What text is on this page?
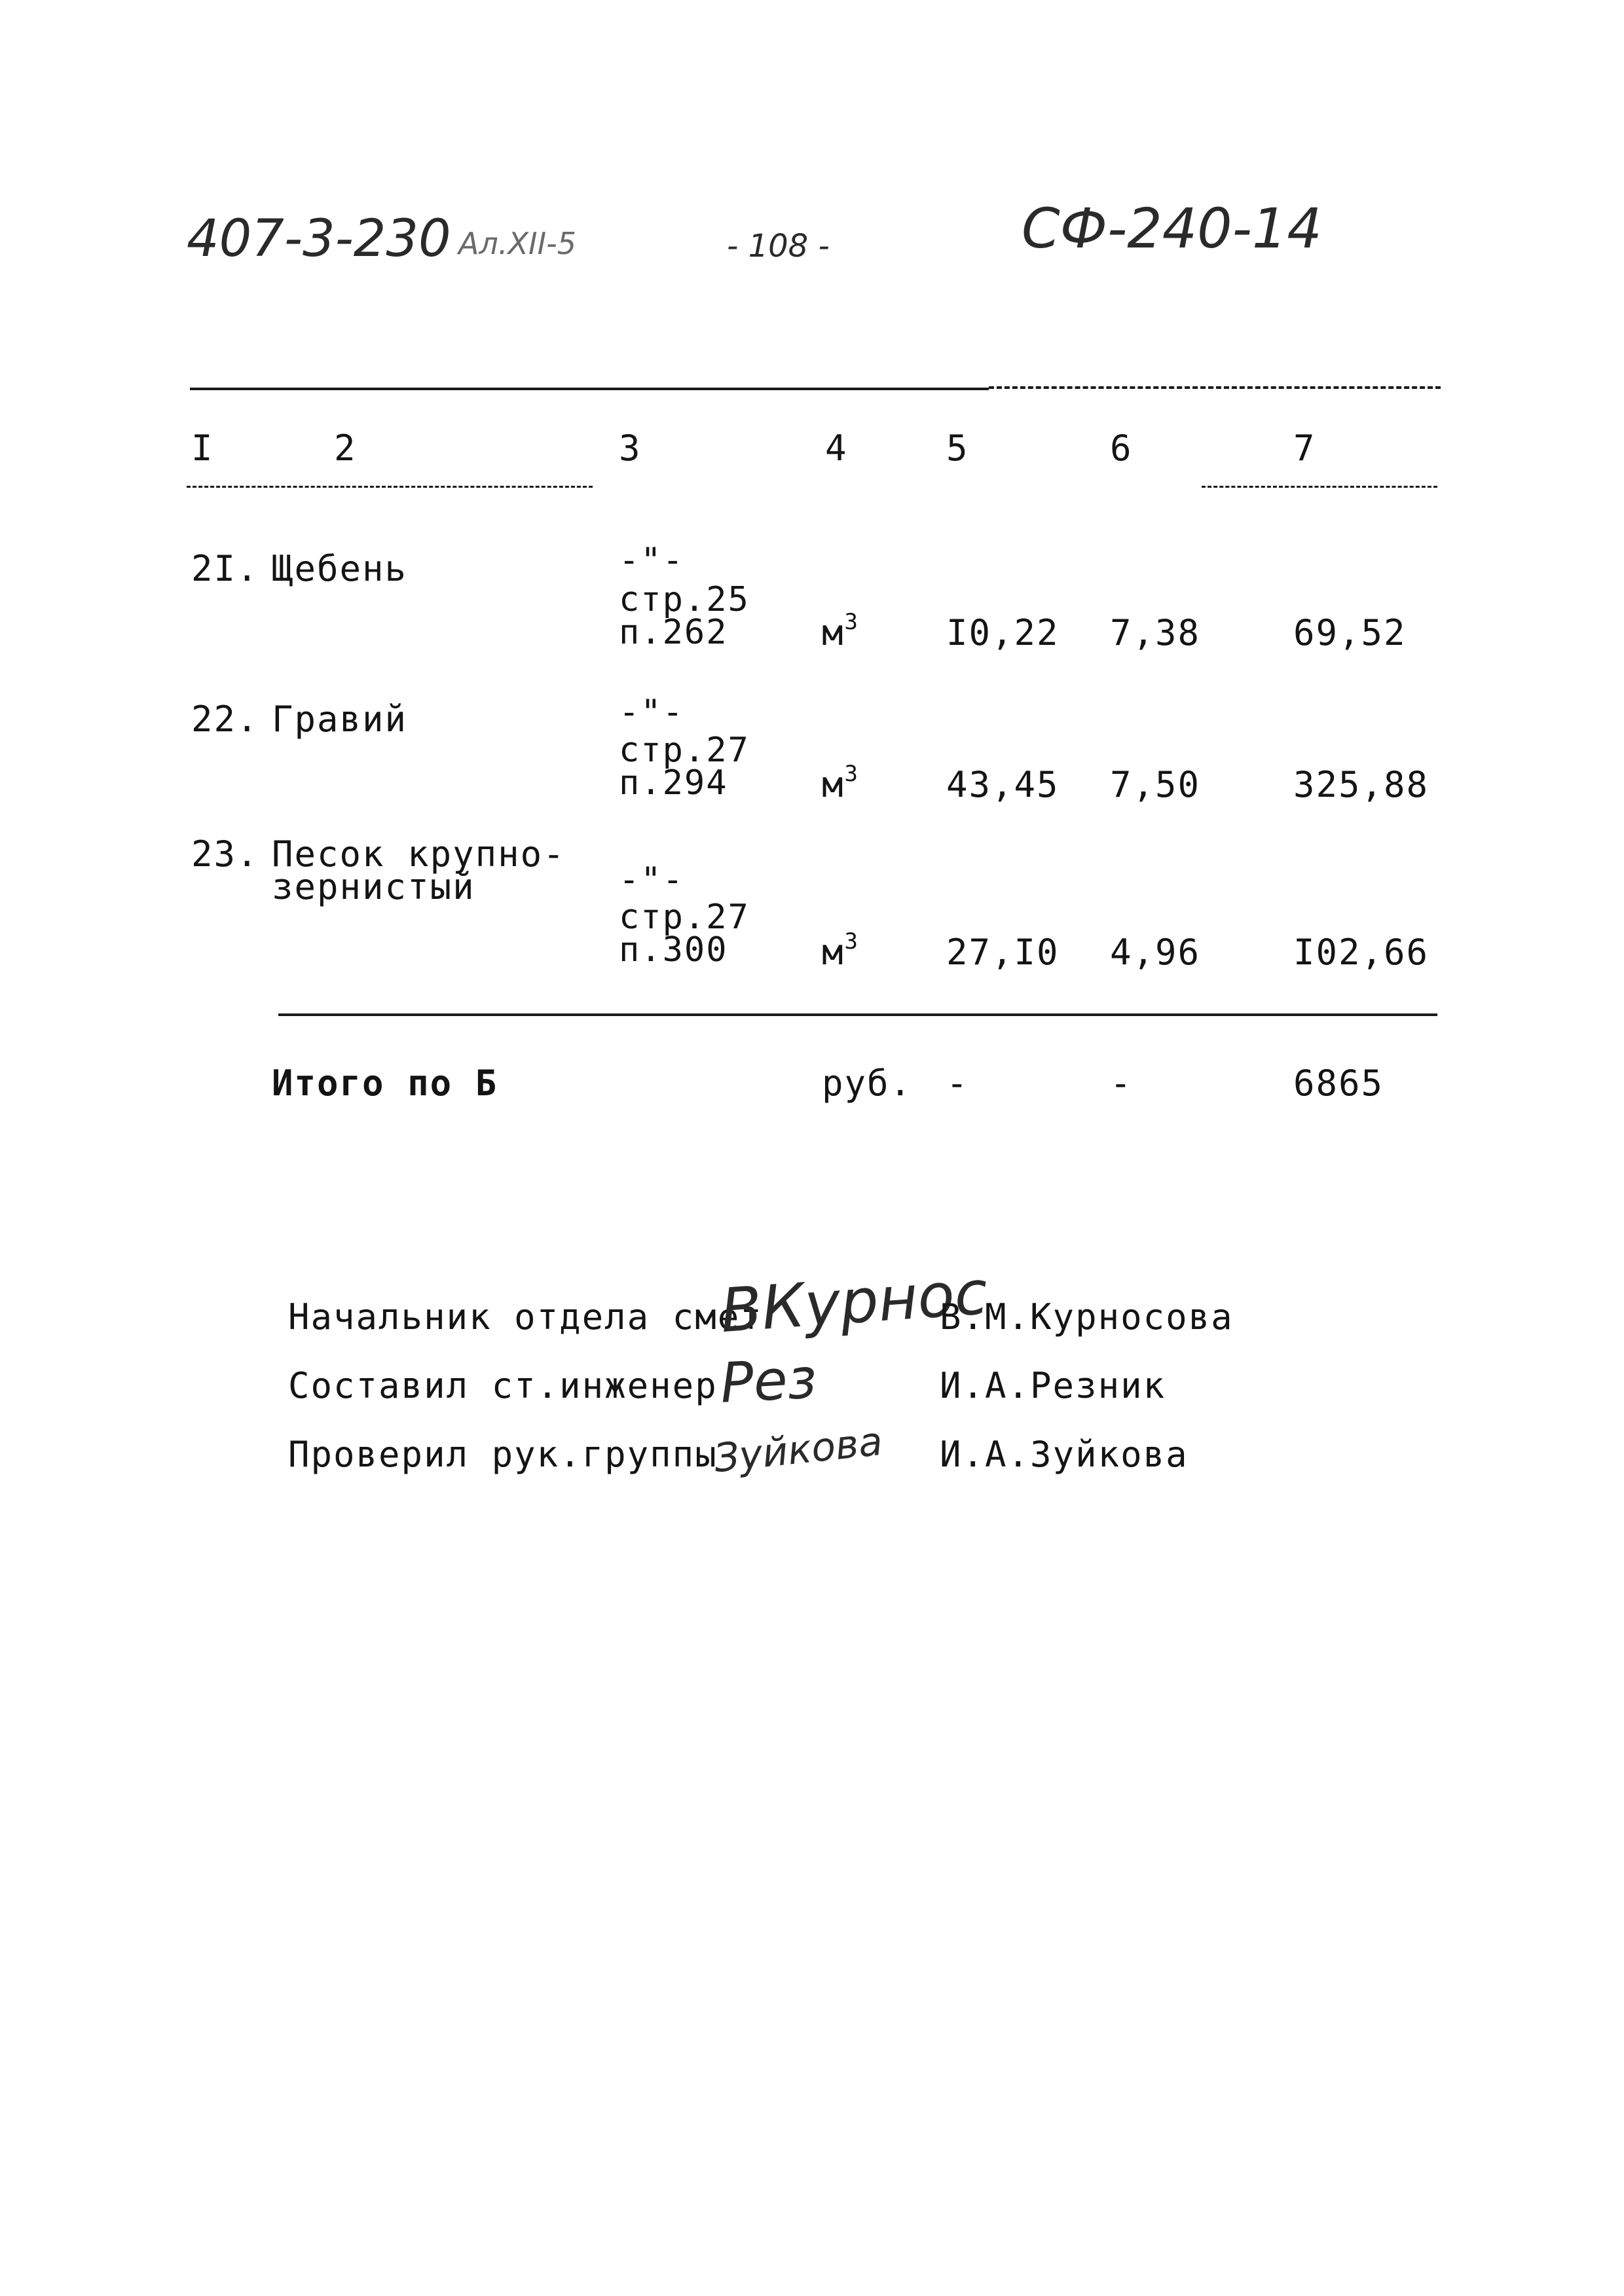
407-3-230 Ал.XII-5	- 108 -	СФ-240-14
I	2	3	4	5	6	7
2I. Щебень	-"-
стр.25
п.262	$м^3$ I0,22 7,38	69,52
22. Гравий	-"-
стр.27
п.294	$м^3$ 43,45 7,50	325,88
23. Песок крупно-
зернистый	-"-
стр.27
п.300	$м^3$ 27,I0 4,96	I02,66
Итого по Б	руб. -	-	6865
Начальник отдела смет
ВКурнос
В.М.Курносова
Составил ст.инженер Рез	И.А.Резник
Проверил рук.группы
Зуйкова И.А.Зуйкова
